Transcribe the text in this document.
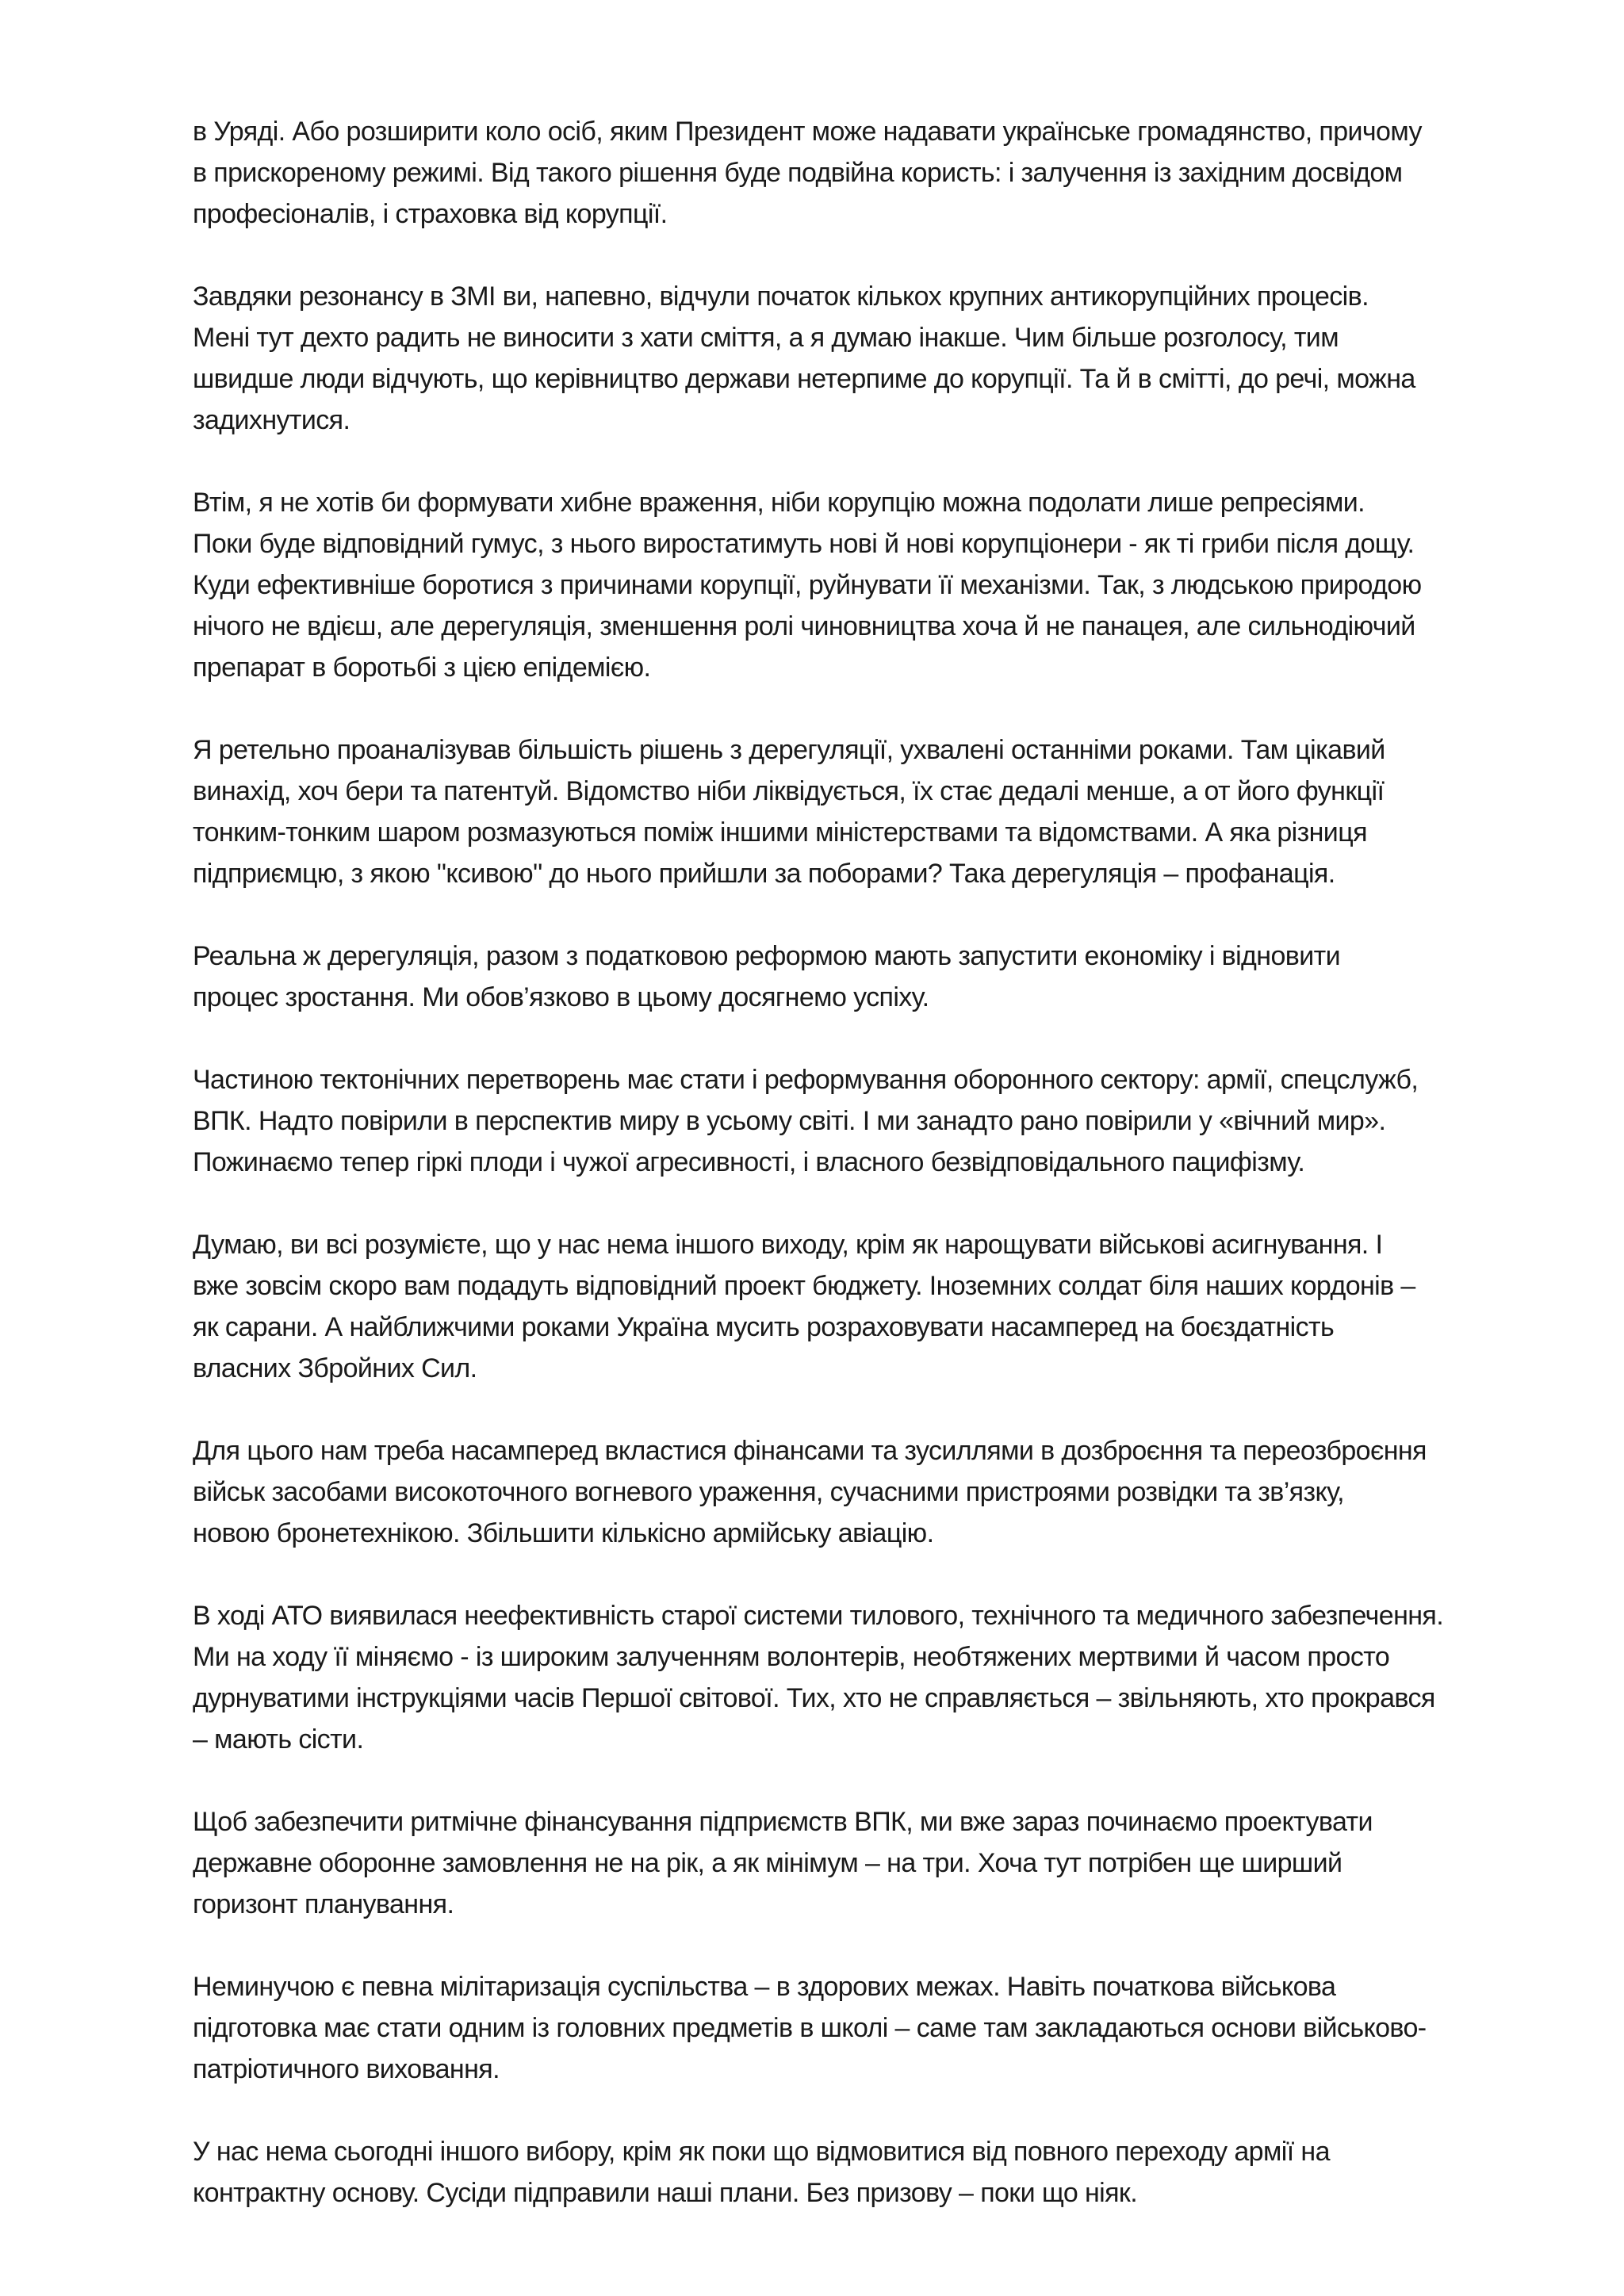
в Уряді. Або розширити коло осіб, яким Президент може надавати українське громадянство, причому
в прискореному режимі. Від такого рішення буде подвійна користь: і залучення із західним досвідом
професіоналів, і страховка від корупції.

Завдяки резонансу в ЗМІ ви, напевно, відчули початок кількох крупних антикорупційних процесів.
Мені тут дехто радить не виносити з хати сміття, а я думаю інакше. Чим більше розголосу, тим
швидше люди відчують, що керівництво держави нетерпиме до корупції. Та й в смітті, до речі, можна
задихнутися.

Втім, я не хотів би формувати хибне враження, ніби корупцію можна подолати лише репресіями.
Поки буде відповідний гумус, з нього виростатимуть нові й нові корупціонери - як ті гриби після дощу.
Куди ефективніше боротися з причинами корупції, руйнувати її механізми. Так, з людською природою
нічого не вдієш, але дерегуляція, зменшення ролі чиновництва хоча й не панацея, але сильнодіючий
препарат в боротьбі з цією епідемією.

Я ретельно проаналізував більшість рішень з дерегуляції, ухвалені останніми роками. Там цікавий
винахід, хоч бери та патентуй. Відомство ніби ліквідується, їх стає дедалі менше, а от його функції
тонким-тонким шаром розмазуються поміж іншими міністерствами та відомствами. А яка різниця
підприємцю, з якою "ксивою" до нього прийшли за поборами? Така дерегуляція – профанація.

Реальна ж дерегуляція, разом з податковою реформою мають запустити економіку і відновити
процес зростання. Ми обов’язково в цьому досягнемо успіху.

Частиною тектонічних перетворень має стати і реформування оборонного сектору: армії, спецслужб,
ВПК. Надто повірили в перспектив миру в усьому світі. І ми занадто рано повірили у «вічний мир».
Пожинаємо тепер гіркі плоди і чужої агресивності, і власного безвідповідального пацифізму.

Думаю, ви всі розумієте, що у нас нема іншого виходу, крім як нарощувати військові асигнування. І
вже зовсім скоро вам подадуть відповідний проект бюджету. Іноземних солдат біля наших кордонів –
як сарани. А найближчими роками Україна мусить розраховувати насамперед на боєздатність
власних Збройних Сил.

Для цього нам треба насамперед вкластися фінансами та зусиллями в дозброєння та переозброєння
військ засобами високоточного вогневого ураження, сучасними пристроями розвідки та зв’язку,
новою бронетехнікою. Збільшити кількісно армійську авіацію.

В ході АТО виявилася неефективність старої системи тилового, технічного та медичного забезпечення.
Ми на ходу її міняємо - із широким залученням волонтерів, необтяжених мертвими й часом просто
дурнуватими інструкціями часів Першої світової. Тих, хто не справляється – звільняють, хто прокрався
– мають сісти.

Щоб забезпечити ритмічне фінансування підприємств ВПК, ми вже зараз починаємо проектувати
державне оборонне замовлення не на рік, а як мінімум – на три. Хоча тут потрібен ще ширший
горизонт планування.

Неминучою є певна мілітаризація суспільства – в здорових межах. Навіть початкова військова
підготовка має стати одним із головних предметів в школі – саме там закладаються основи військово-
патріотичного виховання.

У нас нема сьогодні іншого вибору, крім як поки що відмовитися від повного переходу армії на
контрактну основу. Сусіди підправили наші плани. Без призову – поки що ніяк.
